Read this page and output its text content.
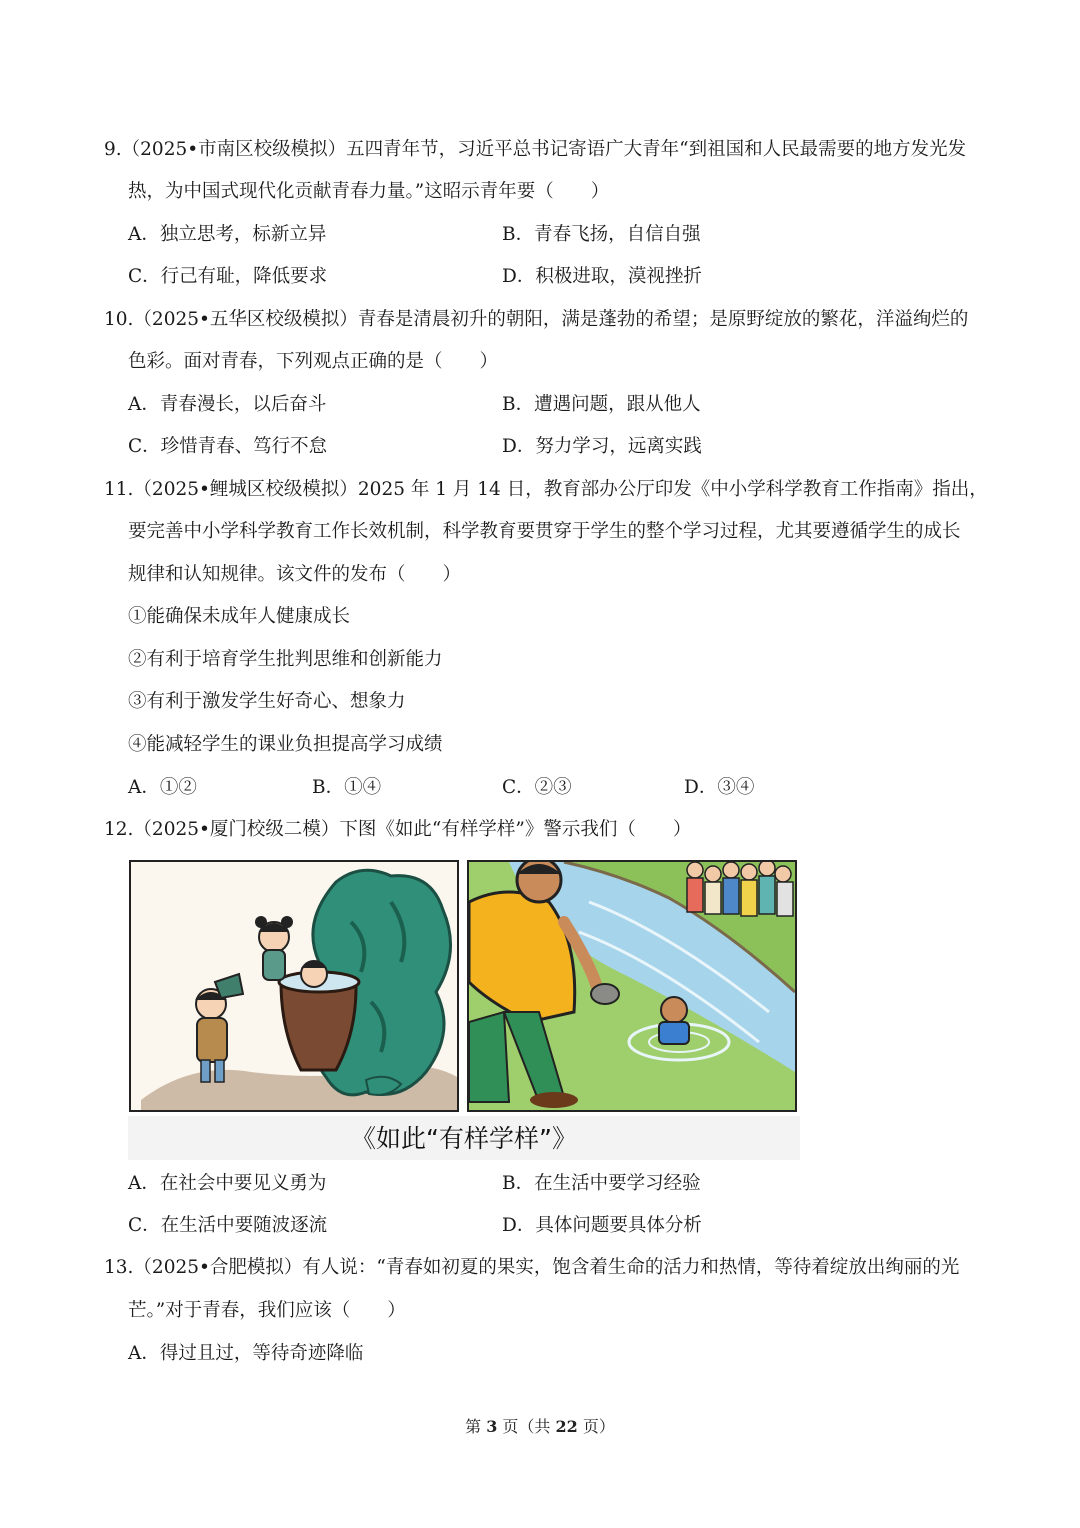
9.（2025•市南区校级模拟）五四青年节，习近平总书记寄语广大青年“到祖国和人民最需要的地方发光发
热，为中国式现代化贡献青春力量。”这昭示青年要（　　）
A．独立思考，标新立异	B．青春飞扬，自信自强
C．行己有耻，降低要求	D．积极进取，漠视挫折
10.（2025•五华区校级模拟）青春是清晨初升的朝阳，满是蓬勃的希望；是原野绽放的繁花，洋溢绚烂的
色彩。面对青春，下列观点正确的是（　　）
A．青春漫长，以后奋斗	B．遭遇问题，跟从他人
C．珍惜青春、笃行不怠	D．努力学习，远离实践
11.（2025•鲤城区校级模拟）2025 年 1 月 14 日，教育部办公厅印发《中小学科学教育工作指南》指出，
要完善中小学科学教育工作长效机制，科学教育要贯穿于学生的整个学习过程，尤其要遵循学生的成长
规律和认知规律。该文件的发布（　　）
①能确保未成年人健康成长
②有利于培育学生批判思维和创新能力
③有利于激发学生好奇心、想象力
④能减轻学生的课业负担提高学习成绩
A．①②	B．①④	C．②③	D．③④
12.（2025•厦门校级二模）下图《如此“有样学样”》警示我们（　　）
《如此“有样学样”》
A．在社会中要见义勇为	B．在生活中要学习经验
C．在生活中要随波逐流	D．具体问题要具体分析
13.（2025•合肥模拟）有人说：“青春如初夏的果实，饱含着生命的活力和热情，等待着绽放出绚丽的光
芒。”对于青春，我们应该（　　）
A．得过且过，等待奇迹降临
第 3 页（共 22 页）
